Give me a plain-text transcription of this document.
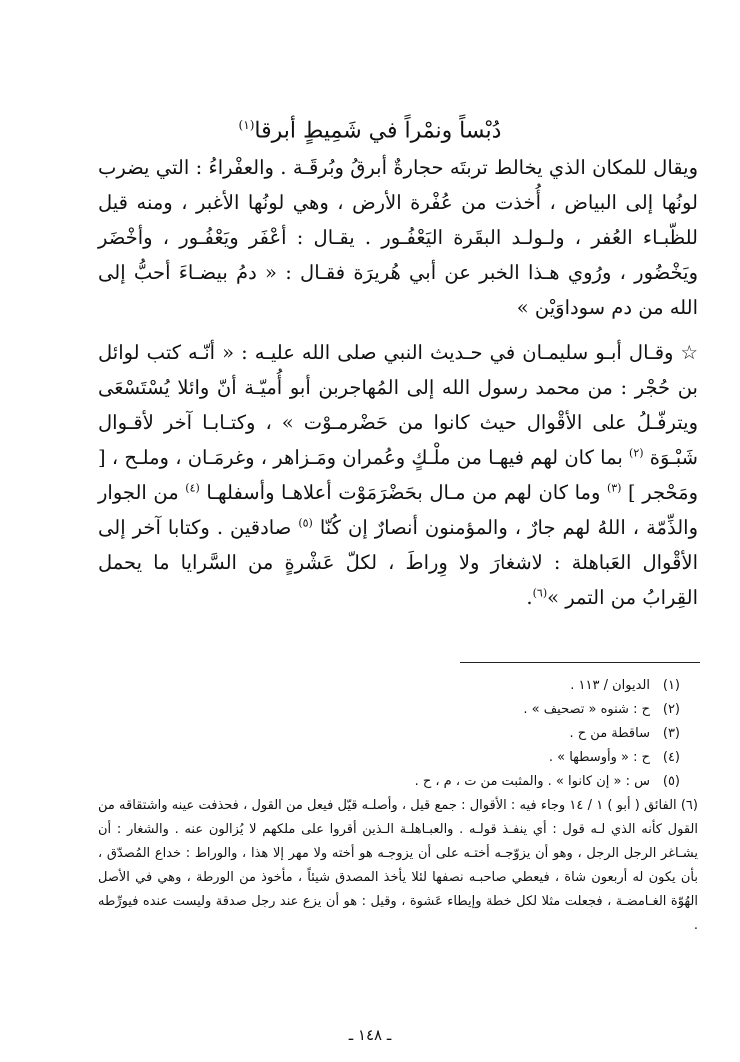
دُبْساً ونمْراً في شَمِيطٍ أبرقا$^{(١)}$

ويقال للمكان الذي يخالط تربتَه حجارةٌ أبرقُ وبُرقَـة . والعفْراءُ : التي يضرب لونُها إلى البياض ، أُخذت من عُفْرة الأرض ، وهي لونُها الأغبر ، ومنه قيل للظّبـاء العُفر ، ولـولـد البقَرة اليَعْفُـور . يقـال : أعْفَر ويَعْفُـور ، وأخْضَر ويَخْضُور ، ورُوي هـذا الخبر عن أبي هُريرَة فقـال : « دمُ بيضـاءَ أحبُّ إلى الله من دم سوداوَيْن »

☆ وقـال أبـو سليمـان في حـديث النبي صلى الله عليـه : « أنّـه كتب لوائل بن حُجْر : من محمد رسول الله إلى المُهاجربن أبو أُميّـة أنّ وائلا يُسْتَسْعَى ويترفّـلُ على الأقْوال حيث كانوا من حَضْرمـوْت » ، وكتـابـا آخر لأقـوال شَبْـوَة $^{(٢)}$ بما كان لهم فيهـا من ملْـكٍ وعُمران ومَـزاهر ، وغرمَـان ، وملـح ، [ ومَحْجر ] $^{(٣)}$ وما كان لهم من مـال بحَضْرَمَوْت أعلاهـا وأسفلهـا $^{(٤)}$ من الجوار والذِّمّة ، اللهُ لهم جارٌ ، والمؤمنون أنصارٌ إن كُنّا $^{(٥)}$ صادقين . وكتابا آخر إلى الأقْوال العَباهلة : لاشغارَ ولا وِراطَ ، لكلّ عَشْرةٍ من السَّرايا ما يحمل القِرابُ من التمر »$^{(٦)}$.

(١)الديوان / ١١٣ .

(٢)ح : شنوه « تصحيف » .

(٣)ساقطة من ح .

(٤)ح : « وأوسطها » .

(٥)س : « إن كانوا » . والمثبت من ت ، م ، ح .

(٦) الفائق ( أبو ) ١ / ١٤ وجاء فيه : الأقوال : جمع قيل ، وأصلـه قيّل فيعل من القول ، فحذفت عينه واشتقاقه من القول كأنه الذي لـه قول : أي ينفـذ قولـه . والعبـاهلـة الـذين أقروا على ملكهم لا يُزالون عنه . والشغار : أن يشـاغر الرجل الرجل ، وهو أن يزوّجـه أختـه على أن يزوجـه هو أخته ولا مهر إلا هذا ، والوراط : خداع المُصدّق ، بأن يكون له أربعون شاة ، فيعطي صاحبـه نصفها لئلا يأخذ المصدق شيئاً ، مأخوذ من الورطة ، وهي في الأصل الهُوّة الغـامضـة ، فجعلت مثلا لكل خطة وإيطاء عَشوة ، وقيل : هو أن يزع عند رجل صدقة وليست عنده فيورِّطه .

ـ ١٤٨ ـ
